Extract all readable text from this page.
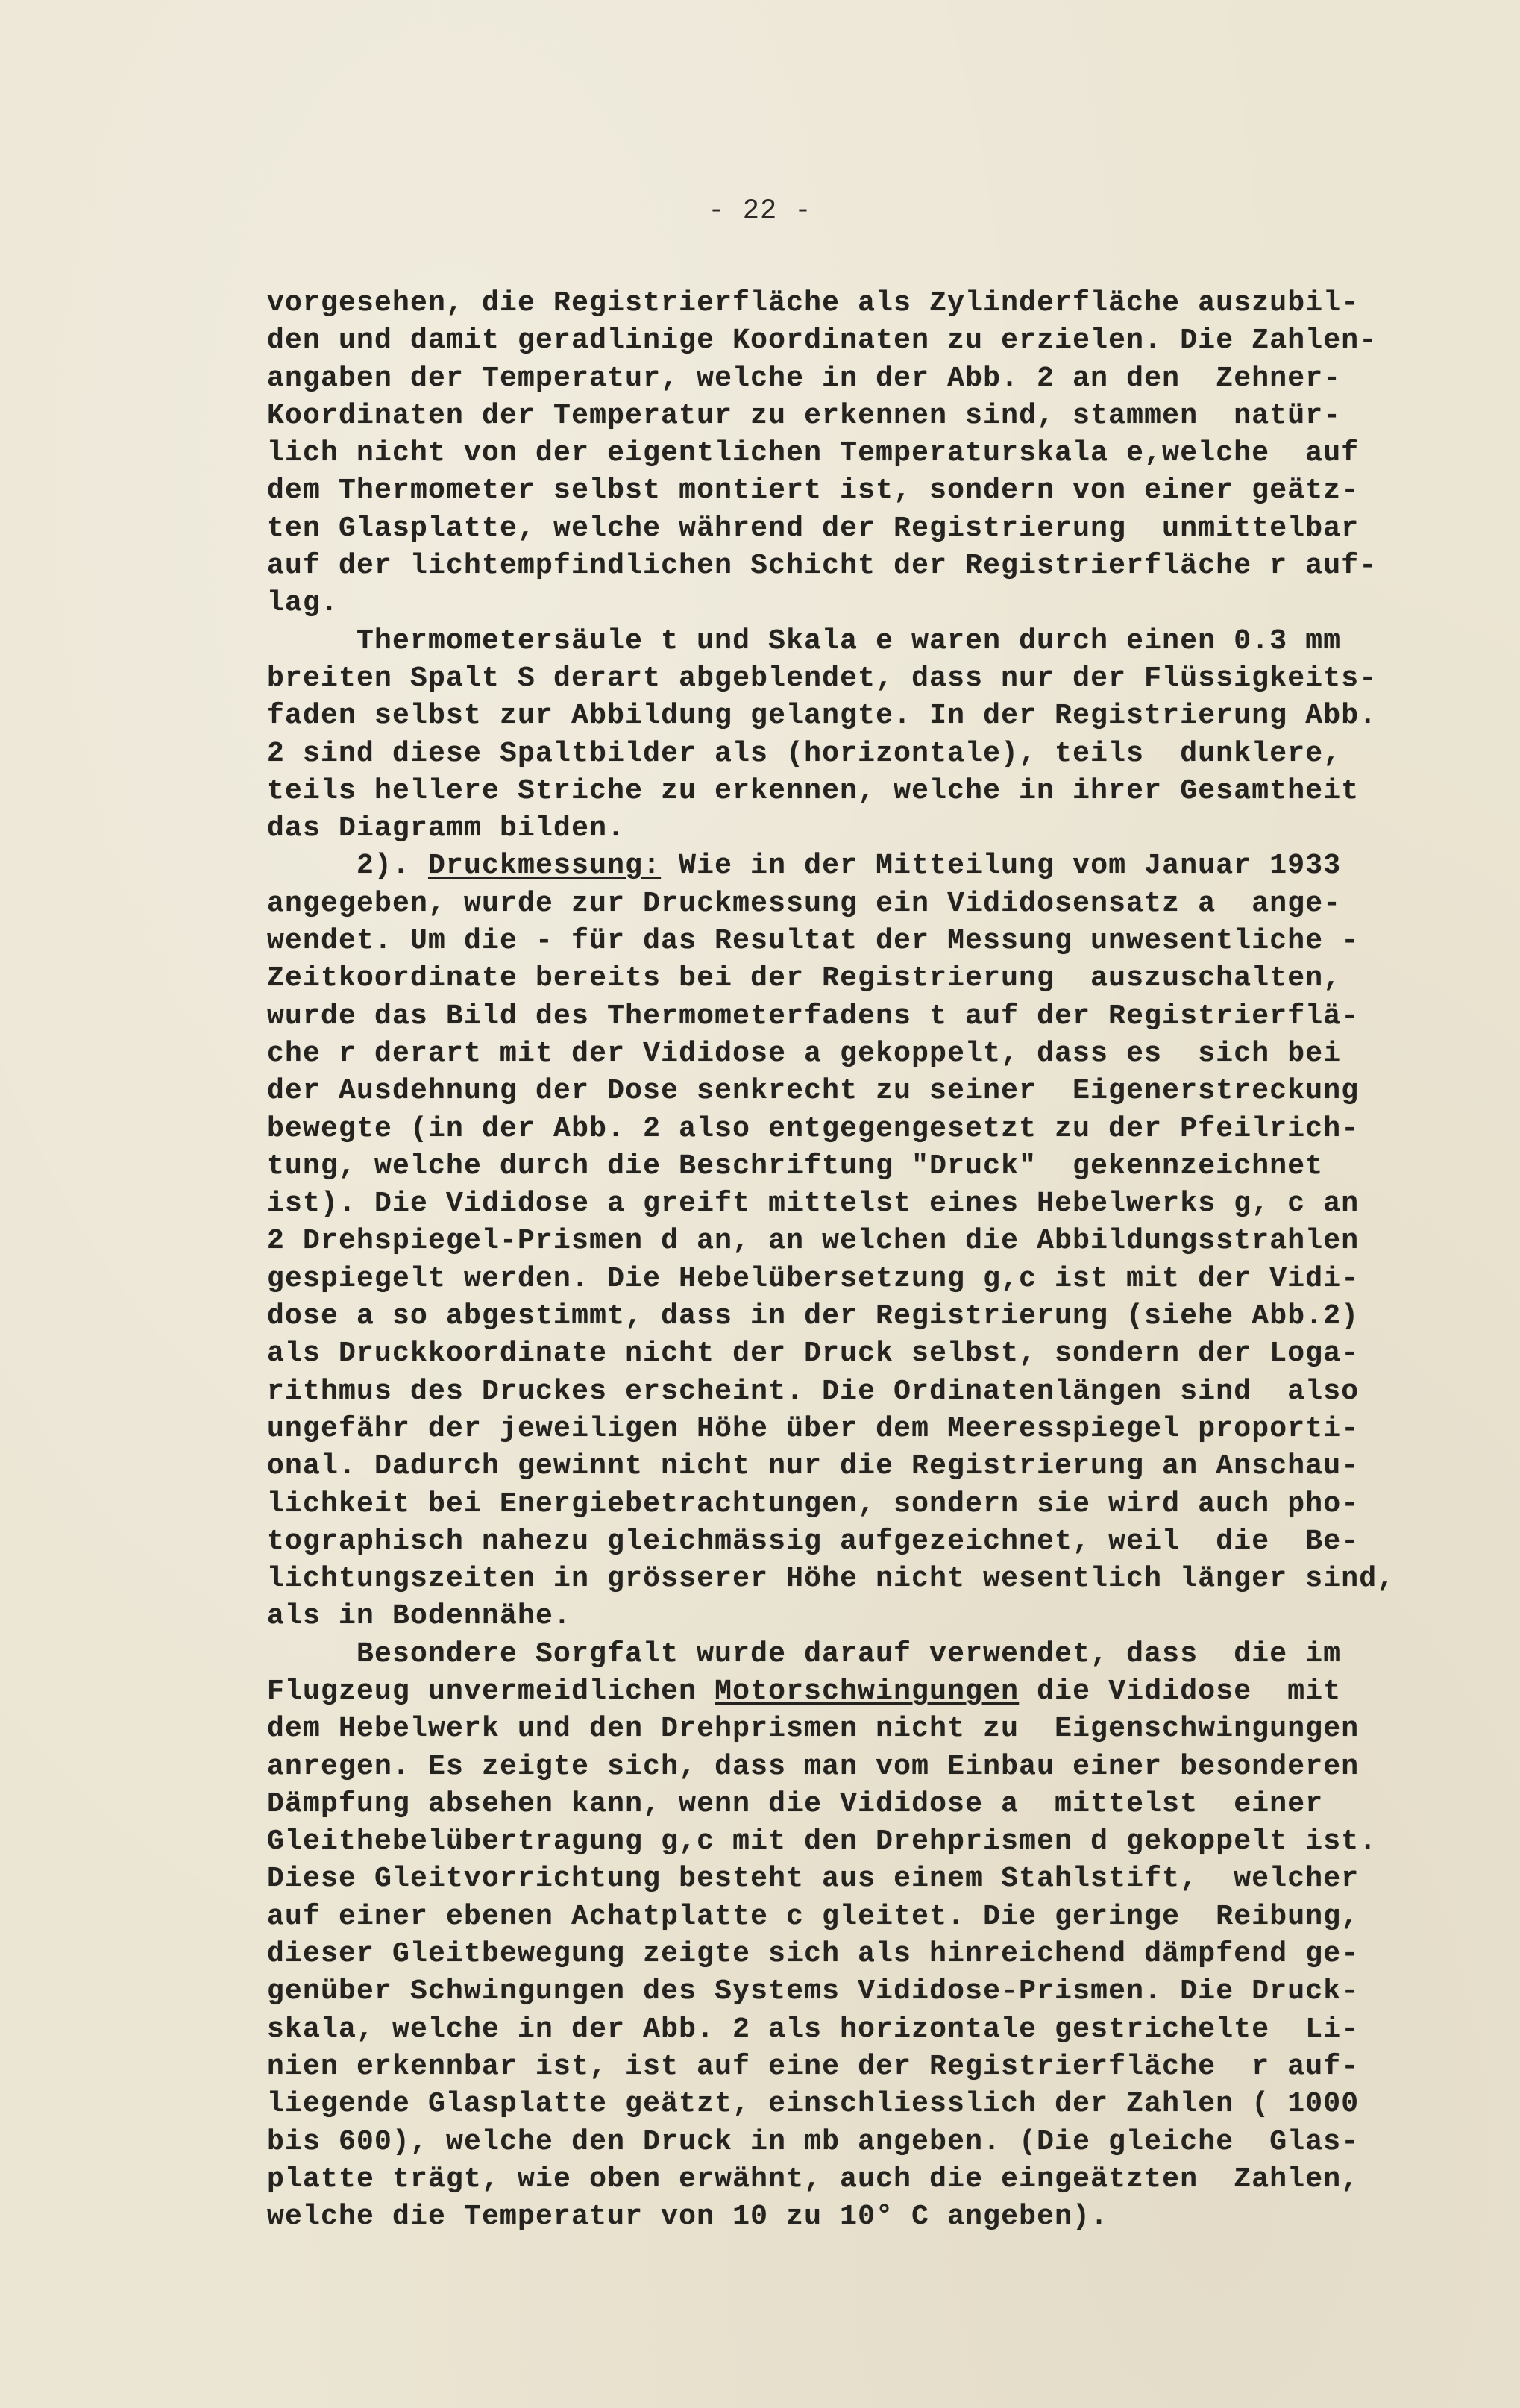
- 22 -
vorgesehen, die Registrierfläche als Zylinderfläche auszubil-
den und damit geradlinige Koordinaten zu erzielen. Die Zahlen-
angaben der Temperatur, welche in der Abb. 2 an den  Zehner-
Koordinaten der Temperatur zu erkennen sind, stammen  natür-
lich nicht von der eigentlichen Temperaturskala e,welche  auf
dem Thermometer selbst montiert ist, sondern von einer geätz-
ten Glasplatte, welche während der Registrierung  unmittelbar
auf der lichtempfindlichen Schicht der Registrierfläche r auf-
lag.
Thermometersäule t und Skala e waren durch einen 0.3 mm
breiten Spalt S derart abgeblendet, dass nur der Flüssigkeits-
faden selbst zur Abbildung gelangte. In der Registrierung Abb.
2 sind diese Spaltbilder als (horizontale), teils  dunklere,
teils hellere Striche zu erkennen, welche in ihrer Gesamtheit
das Diagramm bilden.
2). Druckmessung: Wie in der Mitteilung vom Januar 1933
angegeben, wurde zur Druckmessung ein Vididosensatz a  ange-
wendet. Um die - für das Resultat der Messung unwesentliche -
Zeitkoordinate bereits bei der Registrierung  auszuschalten,
wurde das Bild des Thermometerfadens t auf der Registrierflä-
che r derart mit der Vididose a gekoppelt, dass es  sich bei
der Ausdehnung der Dose senkrecht zu seiner  Eigenerstreckung
bewegte (in der Abb. 2 also entgegengesetzt zu der Pfeilrich-
tung, welche durch die Beschriftung "Druck"  gekennzeichnet
ist). Die Vididose a greift mittelst eines Hebelwerks g, c an
2 Drehspiegel-Prismen d an, an welchen die Abbildungsstrahlen
gespiegelt werden. Die Hebelübersetzung g,c ist mit der Vidi-
dose a so abgestimmt, dass in der Registrierung (siehe Abb.2)
als Druckkoordinate nicht der Druck selbst, sondern der Loga-
rithmus des Druckes erscheint. Die Ordinatenlängen sind  also
ungefähr der jeweiligen Höhe über dem Meeresspiegel proporti-
onal. Dadurch gewinnt nicht nur die Registrierung an Anschau-
lichkeit bei Energiebetrachtungen, sondern sie wird auch pho-
tographisch nahezu gleichmässig aufgezeichnet, weil  die  Be-
lichtungszeiten in grösserer Höhe nicht wesentlich länger sind,
als in Bodennähe.
Besondere Sorgfalt wurde darauf verwendet, dass  die im
Flugzeug unvermeidlichen Motorschwingungen die Vididose  mit
dem Hebelwerk und den Drehprismen nicht zu  Eigenschwingungen
anregen. Es zeigte sich, dass man vom Einbau einer besonderen
Dämpfung absehen kann, wenn die Vididose a  mittelst  einer
Gleithebelübertragung g,c mit den Drehprismen d gekoppelt ist.
Diese Gleitvorrichtung besteht aus einem Stahlstift,  welcher
auf einer ebenen Achatplatte c gleitet. Die geringe  Reibung,
dieser Gleitbewegung zeigte sich als hinreichend dämpfend ge-
genüber Schwingungen des Systems Vididose-Prismen. Die Druck-
skala, welche in der Abb. 2 als horizontale gestrichelte  Li-
nien erkennbar ist, ist auf eine der Registrierfläche  r auf-
liegende Glasplatte geätzt, einschliesslich der Zahlen ( 1000
bis 600), welche den Druck in mb angeben. (Die gleiche  Glas-
platte trägt, wie oben erwähnt, auch die eingeätzten  Zahlen,
welche die Temperatur von 10 zu 10° C angeben).
